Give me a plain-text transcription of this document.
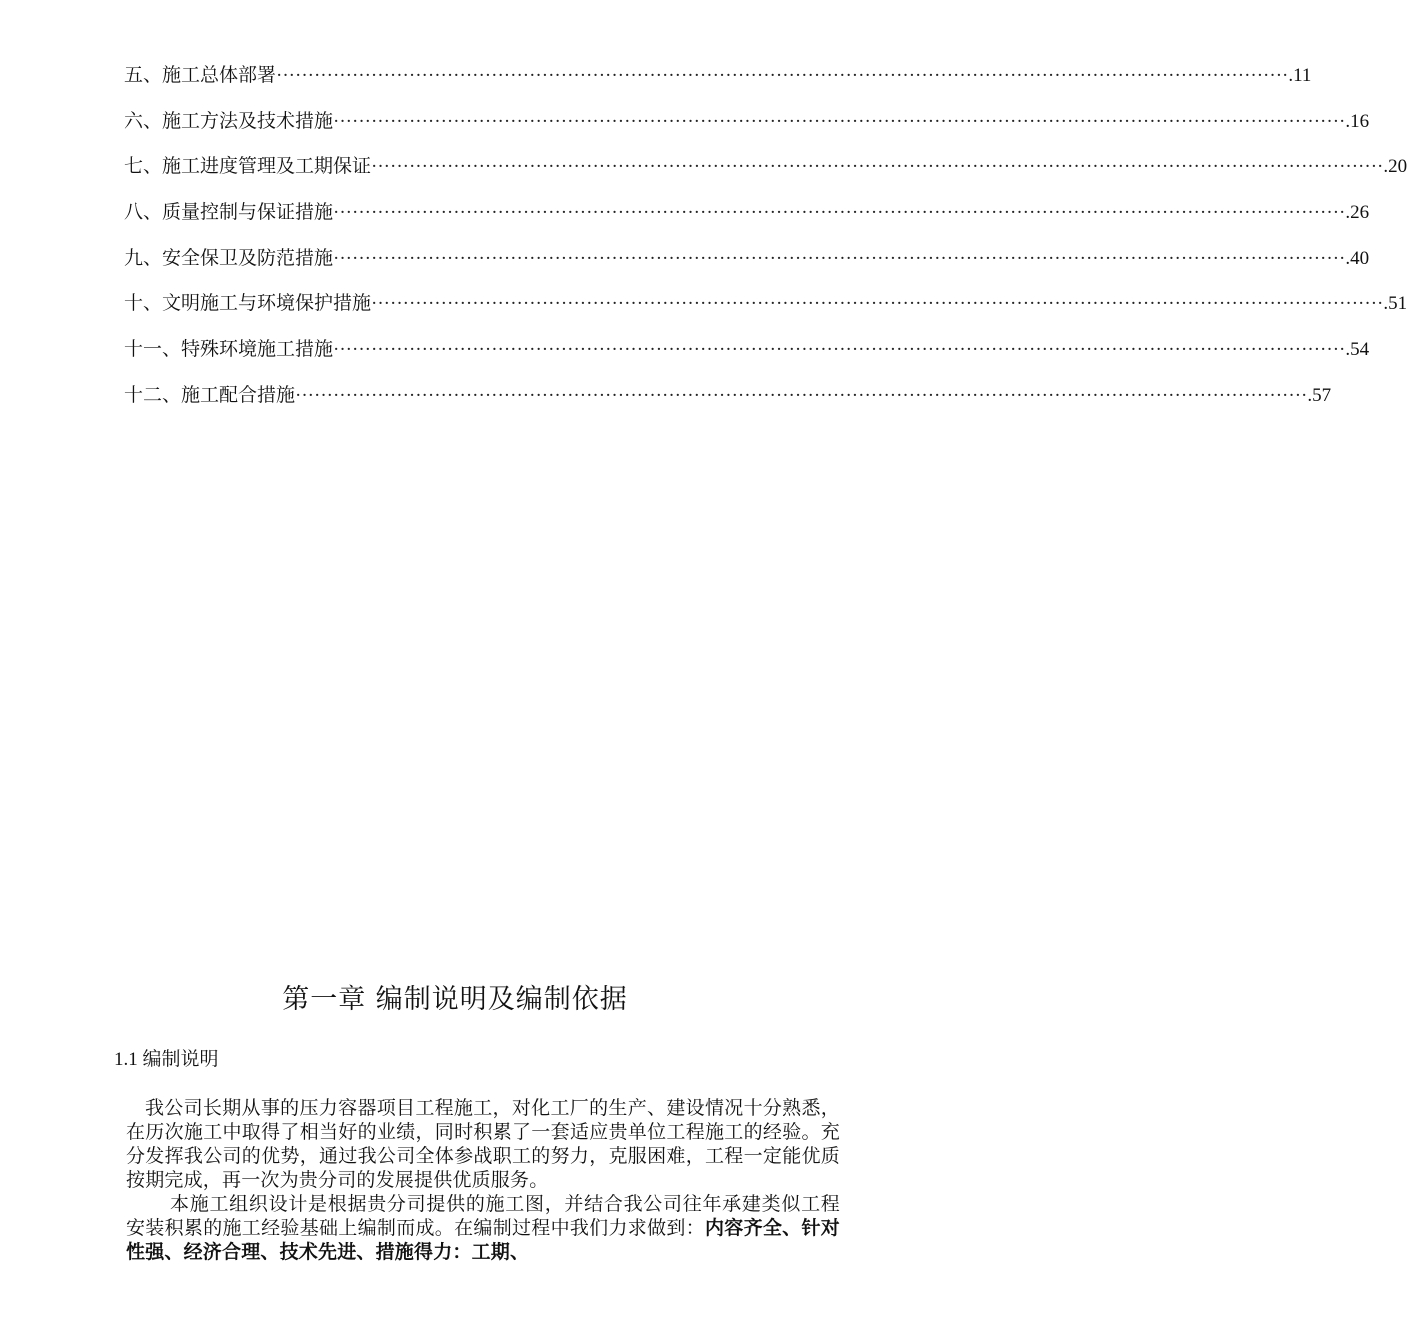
五、施工总体部署 ································································································································································ .11
六、施工方法及技术措施 ································································································································································ .16
七、施工进度管理及工期保证 ································································································································································ .20
八、质量控制与保证措施 ································································································································································ .26
九、安全保卫及防范措施 ································································································································································ .40
十、文明施工与环境保护措施 ································································································································································ .51
十一、特殊环境施工措施 ································································································································································ .54
十二、施工配合措施 ································································································································································ .57
第一章 编制说明及编制依据
1.1 编制说明

我公司长期从事的压力容器项目工程施工，对化工厂的生产、建设情况十分熟悉，在历次施工中取得了相当好的业绩，同时积累了一套适应贵单位工程施工的经验。充分发挥我公司的优势，通过我公司全体参战职工的努力，克服困难，工程一定能优质按期完成，再一次为贵分司的发展提供优质服务。

本施工组织设计是根据贵分司提供的施工图，并结合我公司往年承建类似工程安装积累的施工经验基础上编制而成。在编制过程中我们力求做到：内容齐全、针对性强、经济合理、技术先进、措施得力：工期、
